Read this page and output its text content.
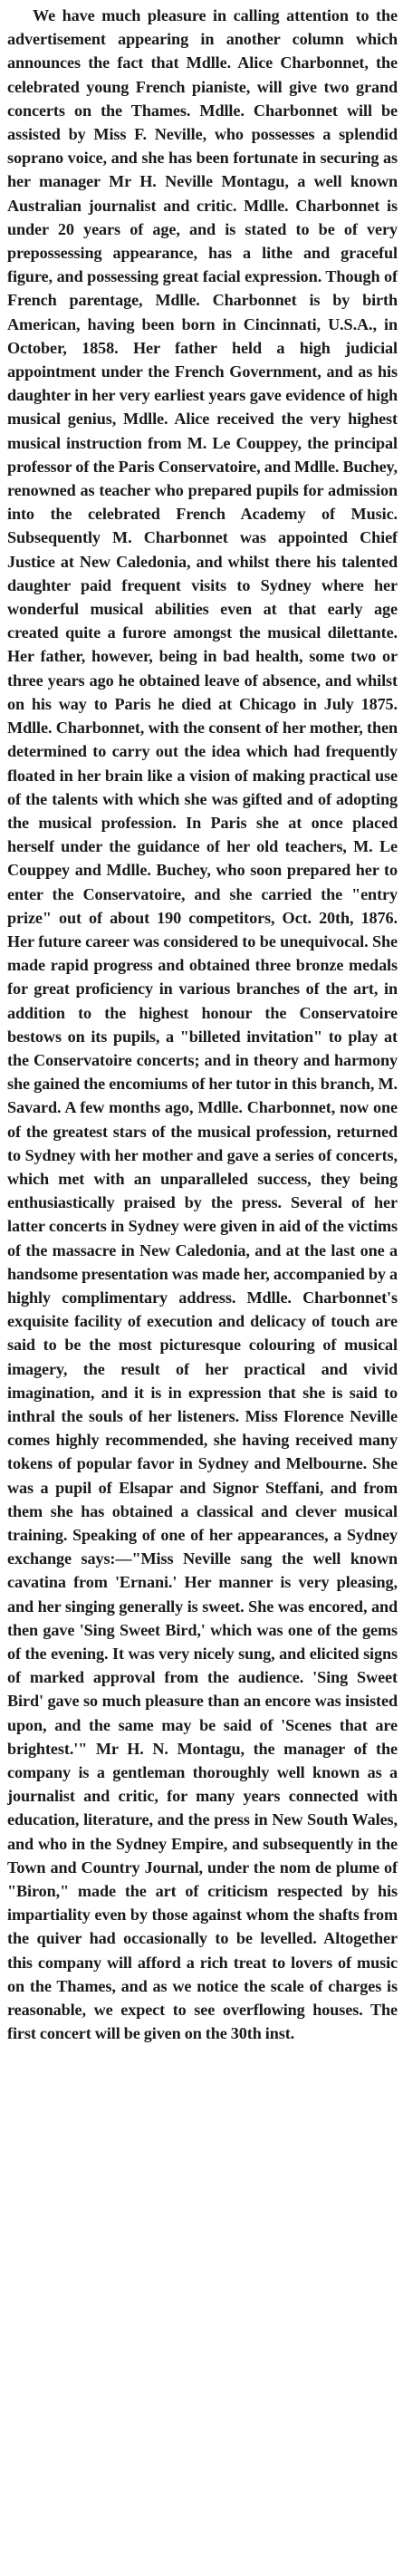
We have much pleasure in calling attention to the advertisement appearing in another column which announces the fact that Mdlle. Alice Charbonnet, the celebrated young French pianiste, will give two grand concerts on the Thames. Mdlle. Charbonnet will be assisted by Miss F. Neville, who possesses a splendid soprano voice, and she has been fortunate in securing as her manager Mr H. Neville Montagu, a well known Australian journalist and critic. Mdlle. Charbonnet is under 20 years of age, and is stated to be of very prepossessing appearance, has a lithe and graceful figure, and possessing great facial expression. Though of French parentage, Mdlle. Charbonnet is by birth American, having been born in Cincinnati, U.S.A., in October, 1858. Her father held a high judicial appointment under the French Government, and as his daughter in her very earliest years gave evidence of high musical genius, Mdlle. Alice received the very highest musical instruction from M. Le Couppey, the principal professor of the Paris Conservatoire, and Mdlle. Buchey, renowned as teacher who prepared pupils for admission into the celebrated French Academy of Music. Subsequently M. Charbonnet was appointed Chief Justice at New Caledonia, and whilst there his talented daughter paid frequent visits to Sydney where her wonderful musical abilities even at that early age created quite a furore amongst the musical dilettante. Her father, however, being in bad health, some two or three years ago he obtained leave of absence, and whilst on his way to Paris he died at Chicago in July 1875. Mdlle. Charbonnet, with the consent of her mother, then determined to carry out the idea which had frequently floated in her brain like a vision of making practical use of the talents with which she was gifted and of adopting the musical profession. In Paris she at once placed herself under the guidance of her old teachers, M. Le Couppey and Mdlle. Buchey, who soon prepared her to enter the Conservatoire, and she carried the "entry prize" out of about 190 competitors, Oct. 20th, 1876. Her future career was considered to be unequivocal. She made rapid progress and obtained three bronze medals for great proficiency in various branches of the art, in addition to the highest honour the Conservatoire bestows on its pupils, a "billeted invitation" to play at the Conservatoire concerts; and in theory and harmony she gained the encomiums of her tutor in this branch, M. Savard. A few months ago, Mdlle. Charbonnet, now one of the greatest stars of the musical profession, returned to Sydney with her mother and gave a series of concerts, which met with an unparalleled success, they being enthusiastically praised by the press. Several of her latter concerts in Sydney were given in aid of the victims of the massacre in New Caledonia, and at the last one a handsome presentation was made her, accompanied by a highly complimentary address. Mdlle. Charbonnet's exquisite facility of execution and delicacy of touch are said to be the most picturesque colouring of musical imagery, the result of her practical and vivid imagination, and it is in expression that she is said to inthral the souls of her listeners. Miss Florence Neville comes highly recommended, she having received many tokens of popular favor in Sydney and Melbourne. She was a pupil of Elsapar and Signor Steffani, and from them she has obtained a classical and clever musical training. Speaking of one of her appearances, a Sydney exchange says:—"Miss Neville sang the well known cavatina from 'Ernani.' Her manner is very pleasing, and her singing generally is sweet. She was encored, and then gave 'Sing Sweet Bird,' which was one of the gems of the evening. It was very nicely sung, and elicited signs of marked approval from the audience. 'Sing Sweet Bird' gave so much pleasure than an encore was insisted upon, and the same may be said of 'Scenes that are brightest.'" Mr H. N. Montagu, the manager of the company is a gentleman thoroughly well known as a journalist and critic, for many years connected with education, literature, and the press in New South Wales, and who in the Sydney Empire, and subsequently in the Town and Country Journal, under the nom de plume of "Biron," made the art of criticism respected by his impartiality even by those against whom the shafts from the quiver had occasionally to be levelled. Altogether this company will afford a rich treat to lovers of music on the Thames, and as we notice the scale of charges is reasonable, we expect to see overflowing houses. The first concert will be given on the 30th inst.
